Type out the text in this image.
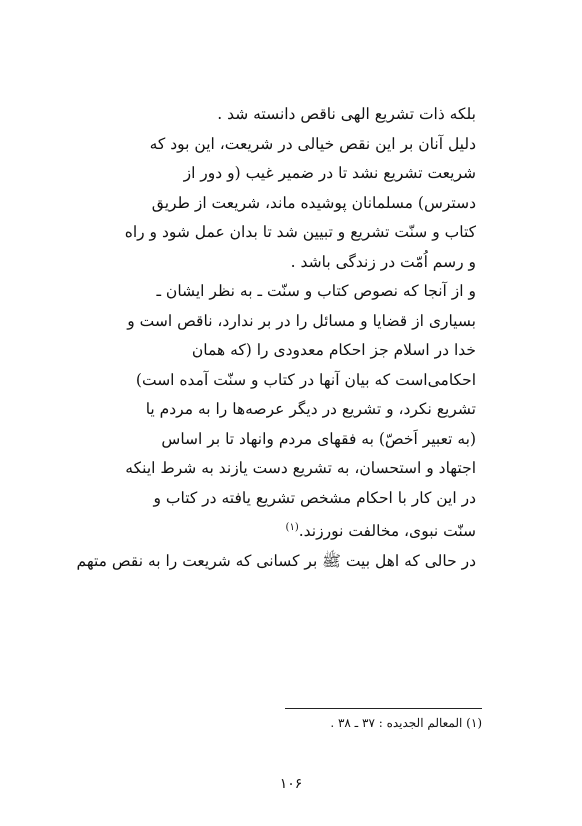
بلکه ذات تشریع الهی ناقص دانسته شد .
دلیل آنان بر این نقص خیالی در شریعت، این بود که
شریعت تشریع نشد تا در ضمیر غیب (و دور از
دسترس) مسلمانان پوشیده ماند، شریعت از طریق
کتاب و سنّت تشریع و تبیین شد تا بدان عمل شود و راه
و رسم اُمّت در زندگی باشد .
و از آنجا که نصوص کتاب و سنّت ـ به نظر ایشان ـ
بسیاری از قضایا و مسائل را در بر ندارد، ناقص است و
خدا در اسلام جز احکام معدودی را (که همان
احکامی‌است که بیان آنها در کتاب و سنّت آمده است)
تشریع نکرد، و تشریع در دیگر عرصه‌ها را به مردم یا
(به تعبیر اَخصّ) به فقهای مردم وانهاد تا بر اساس
اجتهاد و استحسان، به تشریع دست یازند به شرط اینکه
در این کار با احکام مشخص تشریع یافته در کتاب و
سنّت نبوی، مخالفت نورزند.$^{(۱)}$
در حالی که اهل بیت ﷺ بر کسانی که شریعت را به نقص متهم
(۱) المعالم الجدیده : ۳۷ ـ ۳۸ .
۱۰۶
